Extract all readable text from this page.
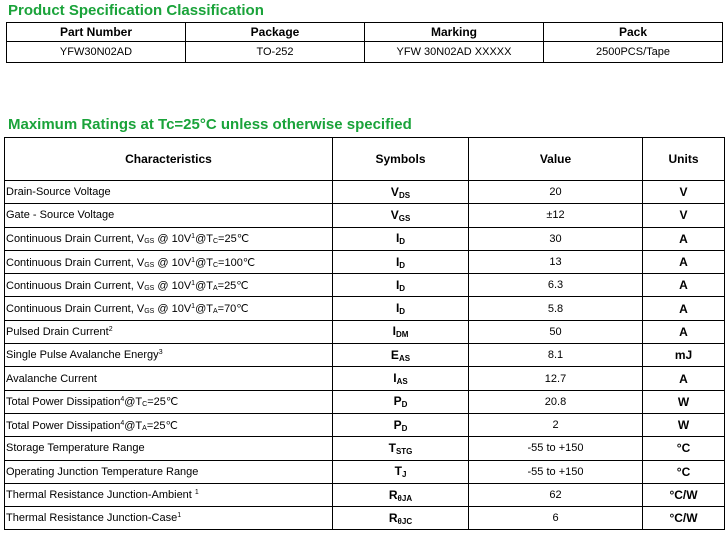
Product Specification Classification
Part Number	Package	Marking	Pack
YFW30N02AD	TO-252	YFW 30N02AD XXXXX	2500PCS/Tape
Maximum Ratings at Tc=25°C unless otherwise specified
Characteristics	Symbols	Value	Units
Drain-Source Voltage	$V_{DS}$	20	V
Gate - Source Voltage	$V_{GS}$	±12	V
Continuous Drain Current, $V_{GS}$ @ $10V^1@T_C=25℃$	$I_D$	30	A
Continuous Drain Current, $V_{GS}$ @ $10V^1@T_C=100℃$	$I_D$	13	A
Continuous Drain Current, $V_{GS}$ @ $10V^1@T_A=25℃$	$I_D$	6.3	A
Continuous Drain Current, $V_{GS}$ @ $10V^1@T_A=70℃$	$I_D$	5.8	A
Pulsed Drain Current$^2$	$I_{DM}$	50	A
Single Pulse Avalanche Energy$^3$	$E_{AS}$	8.1	mJ
Avalanche Current	$I_{AS}$	12.7	A
Total Power $Dissipation^4@T_C=25℃$	$P_D$	20.8	W
Total Power $Dissipation^4@T_A=25℃$	$P_D$	2	W
Storage Temperature Range	$T_{STG}$	-55 to +150	°C
Operating Junction Temperature Range	$T_J$	-55 to +150	°C
Thermal Resistance Junction-Ambient $^1$	$R_{\theta JA}$	62	°C/W
Thermal Resistance Junction-Case$^1$	$R_{\theta JC}$	6	°C/W
